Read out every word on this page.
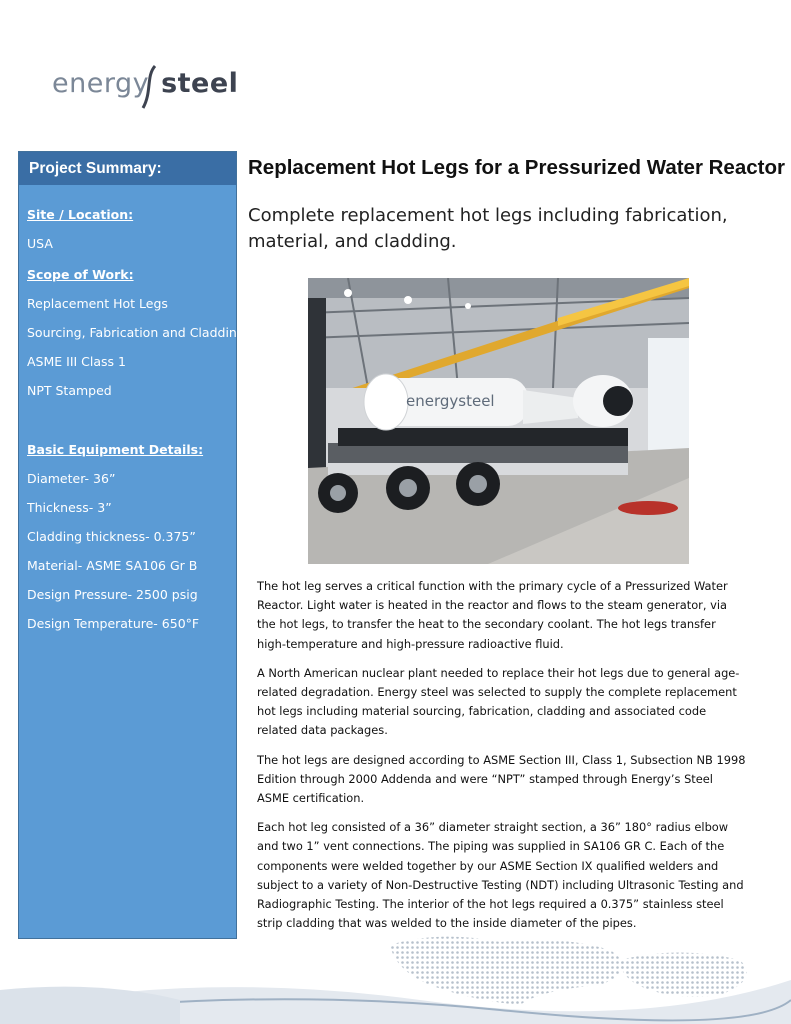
energy steel
Project Summary:
Site / Location:
USA
Scope of Work:
Replacement Hot Legs
Sourcing, Fabrication and Cladding
ASME III Class 1
NPT Stamped
Basic Equipment Details:
Diameter- 36”
Thickness- 3”
Cladding thickness- 0.375”
Material- ASME SA106 Gr B
Design Pressure- 2500 psig
Design Temperature- 650°F
Replacement Hot Legs for a Pressurized Water Reactor
Complete replacement hot legs including fabrication, material, and cladding.
energysteel

The hot leg serves a critical function with the primary cycle of a Pressurized Water Reactor. Light water is heated in the reactor and flows to the steam generator, via the hot legs, to transfer the heat to the secondary coolant. The hot legs transfer high-temperature and high-pressure radioactive fluid.

A North American nuclear plant needed to replace their hot legs due to general age-related degradation. Energy steel was selected to supply the complete replacement hot legs including material sourcing, fabrication, cladding and associated code related data packages.

The hot legs are designed according to ASME Section III, Class 1, Subsection NB 1998 Edition through 2000 Addenda and were “NPT” stamped through Energy’s Steel ASME certification.

Each hot leg consisted of a 36” diameter straight section, a 36” 180° radius elbow and two 1” vent connections. The piping was supplied in SA106 GR C. Each of the components were welded together by our ASME Section IX qualified welders and subject to a variety of Non-Destructive Testing (NDT) including Ultrasonic Testing and Radiographic Testing. The interior of the hot legs required a 0.375” stainless steel strip cladding that was welded to the inside diameter of the pipes.
